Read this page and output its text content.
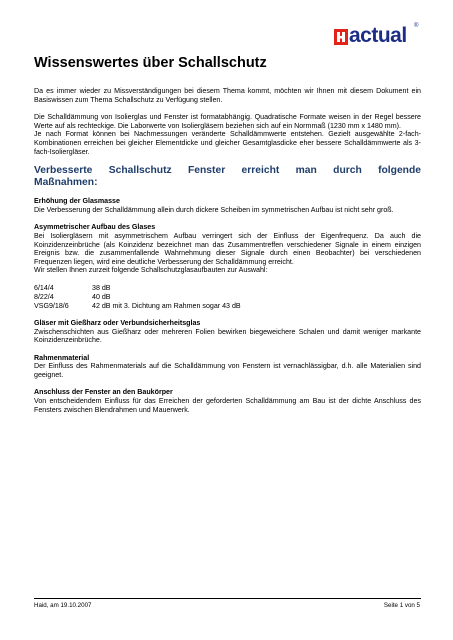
actual ®
Wissenswertes über Schallschutz

Da es immer wieder zu Missverständigungen bei diesem Thema kommt, möchten wir Ihnen mit diesem Dokument ein Basiswissen zum Thema Schallschutz zu Verfügung stellen.

Die Schalldämmung von Isolierglas und Fenster ist formatabhängig. Quadratische Formate weisen in der Regel bessere Werte auf als rechteckige. Die Laborwerte von Isoliergläsern beziehen sich auf ein Normmaß (1230 mm x 1480 mm).

Je nach Format können bei Nachmessungen veränderte Schalldämmwerte entstehen. Gezielt ausgewählte 2-fach-Kombinationen erreichen bei gleicher Elementdicke und gleicher Gesamtglasdicke eher bessere Schalldämmwerte als 3-fach-Isoliergläser.

Verbesserte Schallschutz Fenster erreicht man durch folgende

Maßnahmen:

Erhöhung der Glasmasse

Die Verbesserung der Schalldämmung allein durch dickere Scheiben im symmetrischen Aufbau ist nicht sehr groß.

Asymmetrischer Aufbau des Glases

Bei Isoliergläsern mit asymmetrischem Aufbau verringert sich der Einfluss der Eigenfrequenz. Da auch die Koinzidenzeinbrüche (als Koinzidenz bezeichnet man das Zusammentreffen verschiedener Signale in einem einzigen Ereignis bzw. die zusammenfallende Wahrnehmung dieser Signale durch einen Beobachter) bei verschiedenen Frequenzen liegen, wird eine deutliche Verbesserung der Schalldämmung erreicht.

Wir stellen Ihnen zurzeit folgende Schallschutzglasaufbauten zur Auswahl:

6/14/4	38 dB
8/22/4	40 dB
VSG9/18/6	42 dB mit 3. Dichtung am Rahmen sogar 43 dB

Gläser mit Gießharz oder Verbundsicherheitsglas

Zwischenschichten aus Gießharz oder mehreren Folien bewirken biegeweichere Schalen und damit weniger markante Koinzidenzeinbrüche.

Rahmenmaterial

Der Einfluss des Rahmenmaterials auf die Schalldämmung von Fenstern ist vernachlässigbar, d.h. alle Materialien sind geeignet.

Anschluss der Fenster an den Baukörper

Von entscheidendem Einfluss für das Erreichen der geforderten Schalldämmung am Bau ist der dichte Anschluss des Fensters zwischen Blendrahmen und Mauerwerk.

Haid, am 19.10.2007	Seite 1 von 5
